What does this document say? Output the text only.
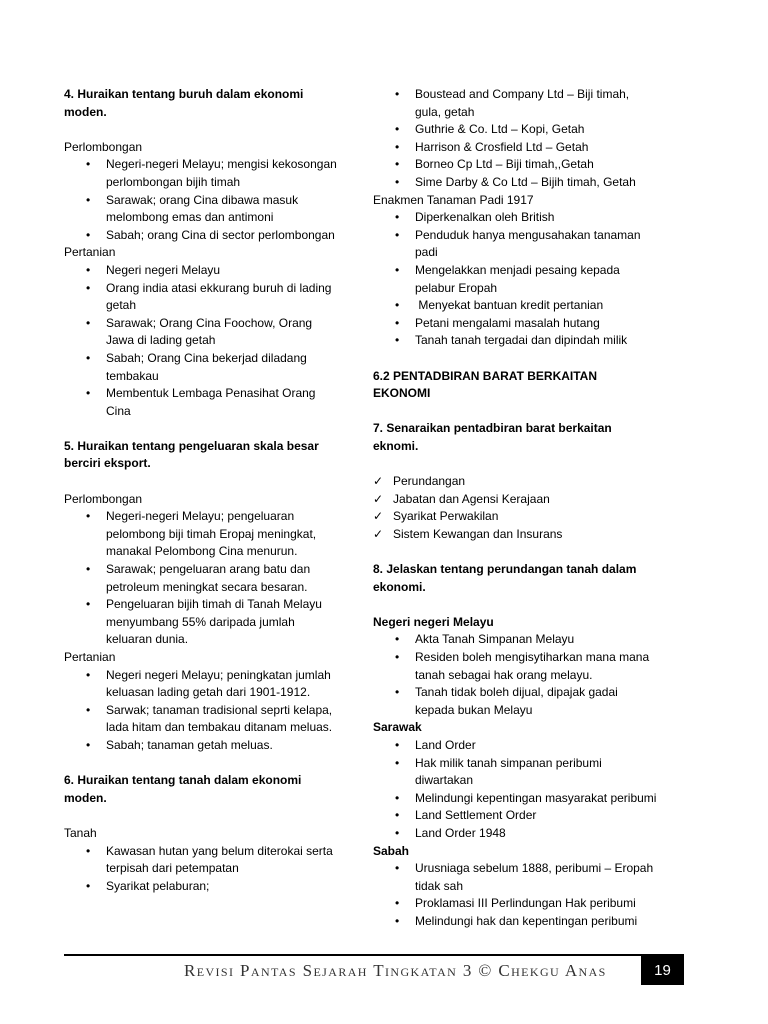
4. Huraikan tentang buruh dalam ekonomi moden.
Perlombongan
• Negeri-negeri Melayu; mengisi kekosongan perlombongan bijih timah
• Sarawak; orang Cina dibawa masuk melombong emas dan antimoni
• Sabah; orang Cina di sector perlombongan
Pertanian
• Negeri negeri Melayu
• Orang india atasi ekkurang buruh di lading getah
• Sarawak; Orang Cina Foochow, Orang Jawa di lading getah
• Sabah; Orang Cina bekerjad diladang tembakau
• Membentuk Lembaga Penasihat Orang Cina
5. Huraikan tentang pengeluaran skala besar berciri eksport.
Perlombongan
• Negeri-negeri Melayu; pengeluaran pelombong biji timah Eropaj meningkat, manakal Pelombong Cina menurun.
• Sarawak; pengeluaran arang batu dan petroleum meningkat secara besaran.
• Pengeluaran bijih timah di Tanah Melayu menyumbang 55% daripada jumlah keluaran dunia.
Pertanian
• Negeri negeri Melayu; peningkatan jumlah keluasan lading getah dari 1901-1912.
• Sarwak; tanaman tradisional seprti kelapa, lada hitam dan tembakau ditanam meluas.
• Sabah; tanaman getah meluas.
6. Huraikan tentang tanah dalam ekonomi moden.
Tanah
• Kawasan hutan yang belum diterokai serta terpisah dari petempatan
• Syarikat pelaburan;
• Boustead and Company Ltd – Biji timah, gula, getah
• Guthrie & Co. Ltd – Kopi, Getah
• Harrison & Crosfield Ltd – Getah
• Borneo Cp Ltd – Biji timah,,Getah
• Sime Darby & Co Ltd – Bijih timah, Getah
Enakmen Tanaman Padi 1917
• Diperkenalkan oleh British
• Penduduk hanya mengusahakan tanaman padi
• Mengelakkan menjadi pesaing kepada pelabur Eropah
•  Menyekat bantuan kredit pertanian
• Petani mengalami masalah hutang
• Tanah tanah tergadai dan dipindah milik
6.2 PENTADBIRAN BARAT BERKAITAN EKONOMI
7. Senaraikan pentadbiran barat berkaitan eknomi.
✓ Perundangan
✓ Jabatan dan Agensi Kerajaan
✓ Syarikat Perwakilan
✓ Sistem Kewangan dan Insurans
8. Jelaskan tentang perundangan tanah dalam ekonomi.
Negeri negeri Melayu
• Akta Tanah Simpanan Melayu
• Residen boleh mengisytiharkan mana mana tanah sebagai hak orang melayu.
• Tanah tidak boleh dijual, dipajak gadai kepada bukan Melayu
Sarawak
• Land Order
• Hak milik tanah simpanan peribumi diwartakan
• Melindungi kepentingan masyarakat peribumi
• Land Settlement Order
• Land Order 1948
Sabah
• Urusniaga sebelum 1888, peribumi – Eropah tidak sah
• Proklamasi III Perlindungan Hak peribumi
• Melindungi hak dan kepentingan peribumi
Revisi Pantas Sejarah Tingkatan 3 © Chekgu Anas	19
